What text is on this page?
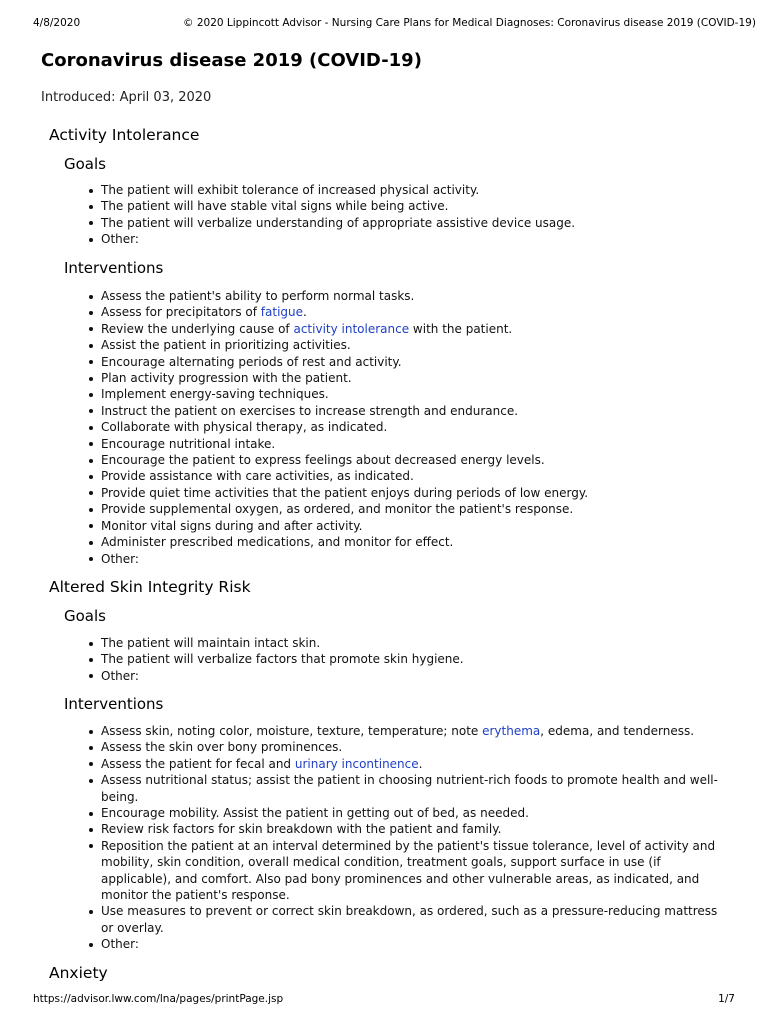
4/8/2020	© 2020 Lippincott Advisor - Nursing Care Plans for Medical Diagnoses: Coronavirus disease 2019 (COVID-19)
Coronavirus disease 2019 (COVID-19)
Introduced: April 03, 2020
Activity Intolerance
Goals
The patient will exhibit tolerance of increased physical activity.
The patient will have stable vital signs while being active.
The patient will verbalize understanding of appropriate assistive device usage.
Other:
Interventions
Assess the patient's ability to perform normal tasks.
Assess for precipitators of fatigue.
Review the underlying cause of activity intolerance with the patient.
Assist the patient in prioritizing activities.
Encourage alternating periods of rest and activity.
Plan activity progression with the patient.
Implement energy-saving techniques.
Instruct the patient on exercises to increase strength and endurance.
Collaborate with physical therapy, as indicated.
Encourage nutritional intake.
Encourage the patient to express feelings about decreased energy levels.
Provide assistance with care activities, as indicated.
Provide quiet time activities that the patient enjoys during periods of low energy.
Provide supplemental oxygen, as ordered, and monitor the patient's response.
Monitor vital signs during and after activity.
Administer prescribed medications, and monitor for effect.
Other:
Altered Skin Integrity Risk
Goals
The patient will maintain intact skin.
The patient will verbalize factors that promote skin hygiene.
Other:
Interventions
Assess skin, noting color, moisture, texture, temperature; note erythema, edema, and tenderness.
Assess the skin over bony prominences.
Assess the patient for fecal and urinary incontinence.
Assess nutritional status; assist the patient in choosing nutrient-rich foods to promote health and well-being.
Encourage mobility. Assist the patient in getting out of bed, as needed.
Review risk factors for skin breakdown with the patient and family.
Reposition the patient at an interval determined by the patient's tissue tolerance, level of activity and mobility, skin condition, overall medical condition, treatment goals, support surface in use (if applicable), and comfort. Also pad bony prominences and other vulnerable areas, as indicated, and monitor the patient's response.
Use measures to prevent or correct skin breakdown, as ordered, such as a pressure-reducing mattress or overlay.
Other:
Anxiety
https://advisor.lww.com/lna/pages/printPage.jsp	1/7
